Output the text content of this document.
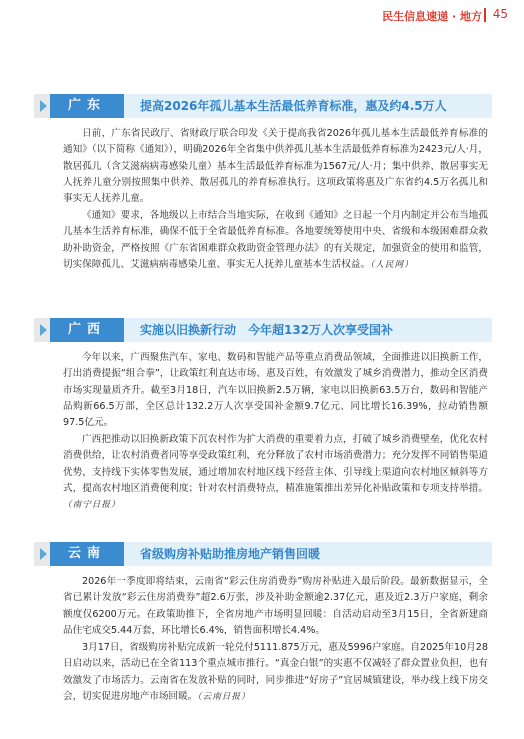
民生信息速递 · 地方 45
广东	提高2026年孤儿基本生活最低养育标准，惠及约4.5万人

日前，广东省民政厅、省财政厅联合印发《关于提高我省2026年孤儿基本生活最低养育标准的通知》（以下简称《通知》），明确2026年全省集中供养孤儿基本生活最低养育标准为2423元/人·月，散居孤儿（含艾滋病病毒感染儿童）基本生活最低养育标准为1567元/人·月；集中供养、散居事实无人抚养儿童分别按照集中供养、散居孤儿的养育标准执行。这项政策将惠及广东省约4.5万名孤儿和事实无人抚养儿童。

《通知》要求，各地级以上市结合当地实际，在收到《通知》之日起一个月内制定并公布当地孤儿基本生活养育标准，确保不低于全省最低养育标准。各地要统筹使用中央、省级和本级困难群众救助补助资金，严格按照《广东省困难群众救助资金管理办法》的有关规定，加强资金的使用和监管，切实保障孤儿、艾滋病病毒感染儿童、事实无人抚养儿童基本生活权益。（人民网）

广西	实施以旧换新行动　今年超132万人次享受国补

今年以来，广西聚焦汽车、家电、数码和智能产品等重点消费品领域，全面推进以旧换新工作，打出消费提振“组合拳”，让政策红利直达市场、惠及百姓，有效激发了城乡消费潜力，推动全区消费市场实现量质齐升。截至3月18日，汽车以旧换新2.5万辆，家电以旧换新63.5万台，数码和智能产品购新66.5万部，全区总计132.2万人次享受国补金额9.7亿元、同比增长16.39%，拉动销售额97.5亿元。

广西把推动以旧换新政策下沉农村作为扩大消费的重要着力点，打破了城乡消费壁垒，优化农村消费供给，让农村消费者同等享受政策红利，充分释放了农村市场消费潜力；充分发挥不同销售渠道优势，支持线下实体零售发展，通过增加农村地区线下经营主体、引导线上渠道向农村地区倾斜等方式，提高农村地区消费便利度；针对农村消费特点，精准施策推出差异化补贴政策和专项支持举措。（南宁日报）

云南	省级购房补贴助推房地产销售回暖

2026年一季度即将结束，云南省“彩云住房消费券”购房补贴进入最后阶段。最新数据显示，全省已累计发放“彩云住房消费券”超2.6万张，涉及补助金额逾2.37亿元，惠及近2.3万户家庭，剩余额度仅6200万元。在政策助推下，全省房地产市场明显回暖：自活动启动至3月15日，全省新建商品住宅成交5.44万套，环比增长6.4%，销售面积增长4.4%。

3月17日，省级购房补贴完成新一轮兑付5111.875万元，惠及5996户家庭。自2025年10月28日启动以来，活动已在全省113个重点城市推行。“真金白银”的实惠不仅减轻了群众置业负担，也有效激发了市场活力。云南省在发放补贴的同时，同步推进“好房子”宜居城镇建设，举办线上线下房交会，切实促进房地产市场回暖。（云南日报）
